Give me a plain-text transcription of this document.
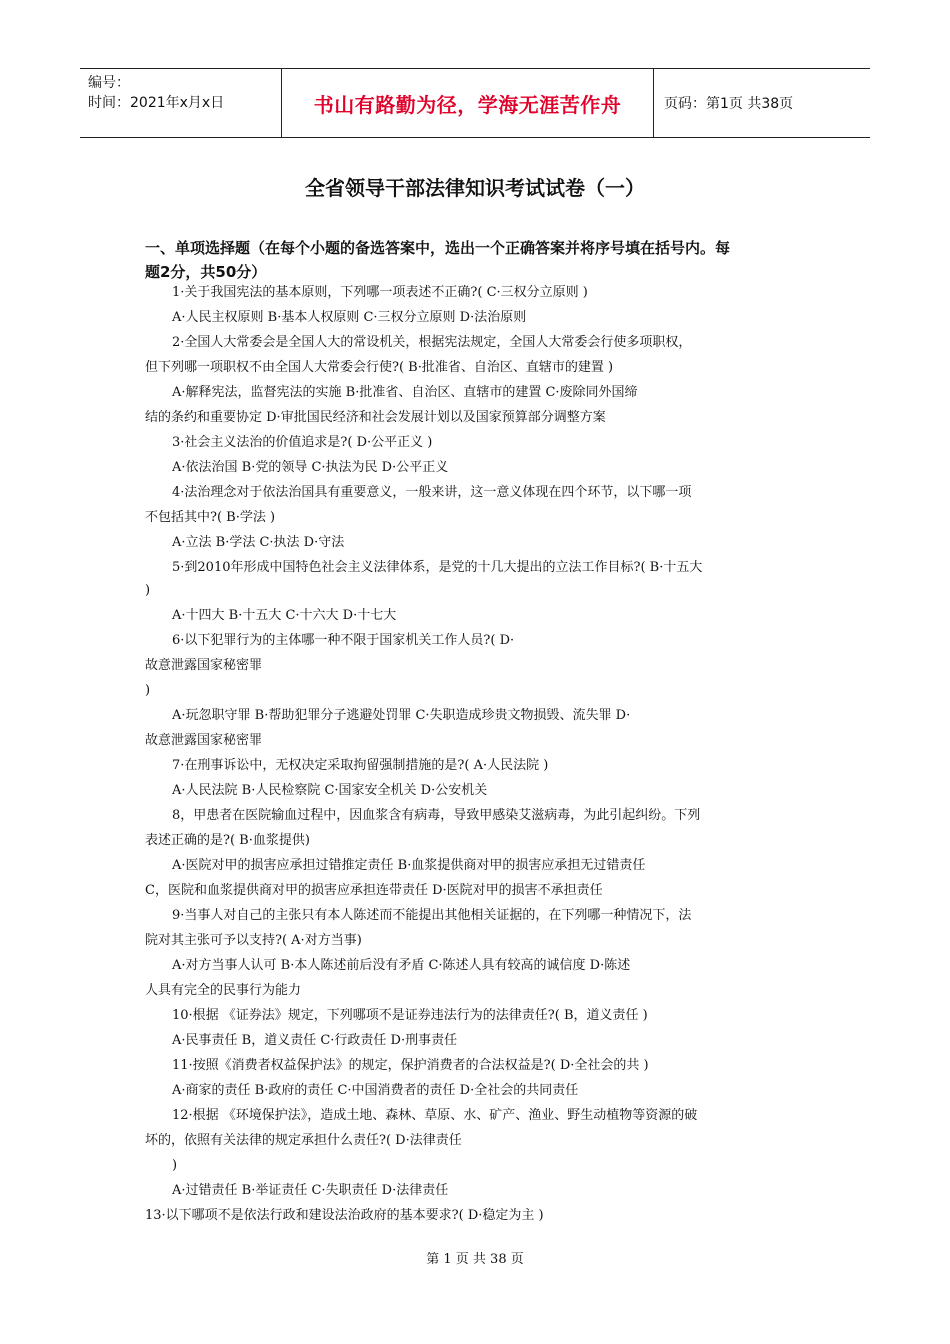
编号：
时间：2021年x月x日	书山有路勤为径，学海无涯苦作舟	页码：第1页 共38页
全省领导干部法律知识考试试卷（一）
一、单项选择题（在每个小题的备选答案中，选出一个正确答案并将序号填在括号内。每
题2分，共50分）
1·关于我国宪法的基本原则，下列哪一项表述不正确?( C·三权分立原则 )
A·人民主权原则 B·基本人权原则 C·三权分立原则 D·法治原则
2·全国人大常委会是全国人大的常设机关，根据宪法规定，全国人大常委会行使多项职权，
但下列哪一项职权不由全国人大常委会行使?( B·批准省、自治区、直辖市的建置 )
A·解释宪法，监督宪法的实施 B·批准省、自治区、直辖市的建置 C·废除同外国缔
结的条约和重要协定 D·审批国民经济和社会发展计划以及国家预算部分调整方案
3·社会主义法治的价值追求是?( D·公平正义 )
A·依法治国 B·党的领导 C·执法为民 D·公平正义
4·法治理念对于依法治国具有重要意义，一般来讲，这一意义体现在四个环节，以下哪一项
不包括其中?( B·学法 )
A·立法 B·学法 C·执法 D·守法
5·到2010年形成中国特色社会主义法律体系，是党的十几大提出的立法工作目标?( B·十五大
)
A·十四大 B·十五大 C·十六大 D·十七大
6·以下犯罪行为的主体哪一种不限于国家机关工作人员?( D·
故意泄露国家秘密罪
)
A·玩忽职守罪 B·帮助犯罪分子逃避处罚罪 C·失职造成珍贵文物损毁、流失罪 D·
故意泄露国家秘密罪
7·在刑事诉讼中，无权决定采取拘留强制措施的是?( A·人民法院 )
A·人民法院 B·人民检察院 C·国家安全机关 D·公安机关
8，甲患者在医院输血过程中，因血浆含有病毒，导致甲感染艾滋病毒，为此引起纠纷。下列
表述正确的是?( B·血浆提供)
A·医院对甲的损害应承担过错推定责任 B·血浆提供商对甲的损害应承担无过错责任
C，医院和血浆提供商对甲的损害应承担连带责任 D·医院对甲的损害不承担责任
9·当事人对自己的主张只有本人陈述而不能提出其他相关证据的，在下列哪一种情况下，法
院对其主张可予以支持?( A·对方当事)
A·对方当事人认可 B·本人陈述前后没有矛盾 C·陈述人具有较高的诚信度 D·陈述
人具有完全的民事行为能力
10·根据 《证券法》规定，下列哪项不是证券违法行为的法律责任?( B，道义责任 )
A·民事责任 B，道义责任 C·行政责任 D·刑事责任
11·按照《消费者权益保护法》的规定，保护消费者的合法权益是?( D·全社会的共 )
A·商家的责任 B·政府的责任 C·中国消费者的责任 D·全社会的共同责任
12·根据 《环境保护法》，造成土地、森林、草原、水、矿产、渔业、野生动植物等资源的破
坏的，依照有关法律的规定承担什么责任?( D·法律责任
)
A·过错责任 B·举证责任 C·失职责任 D·法律责任
13·以下哪项不是依法行政和建设法治政府的基本要求?( D·稳定为主 )
第 1 页 共 38 页
